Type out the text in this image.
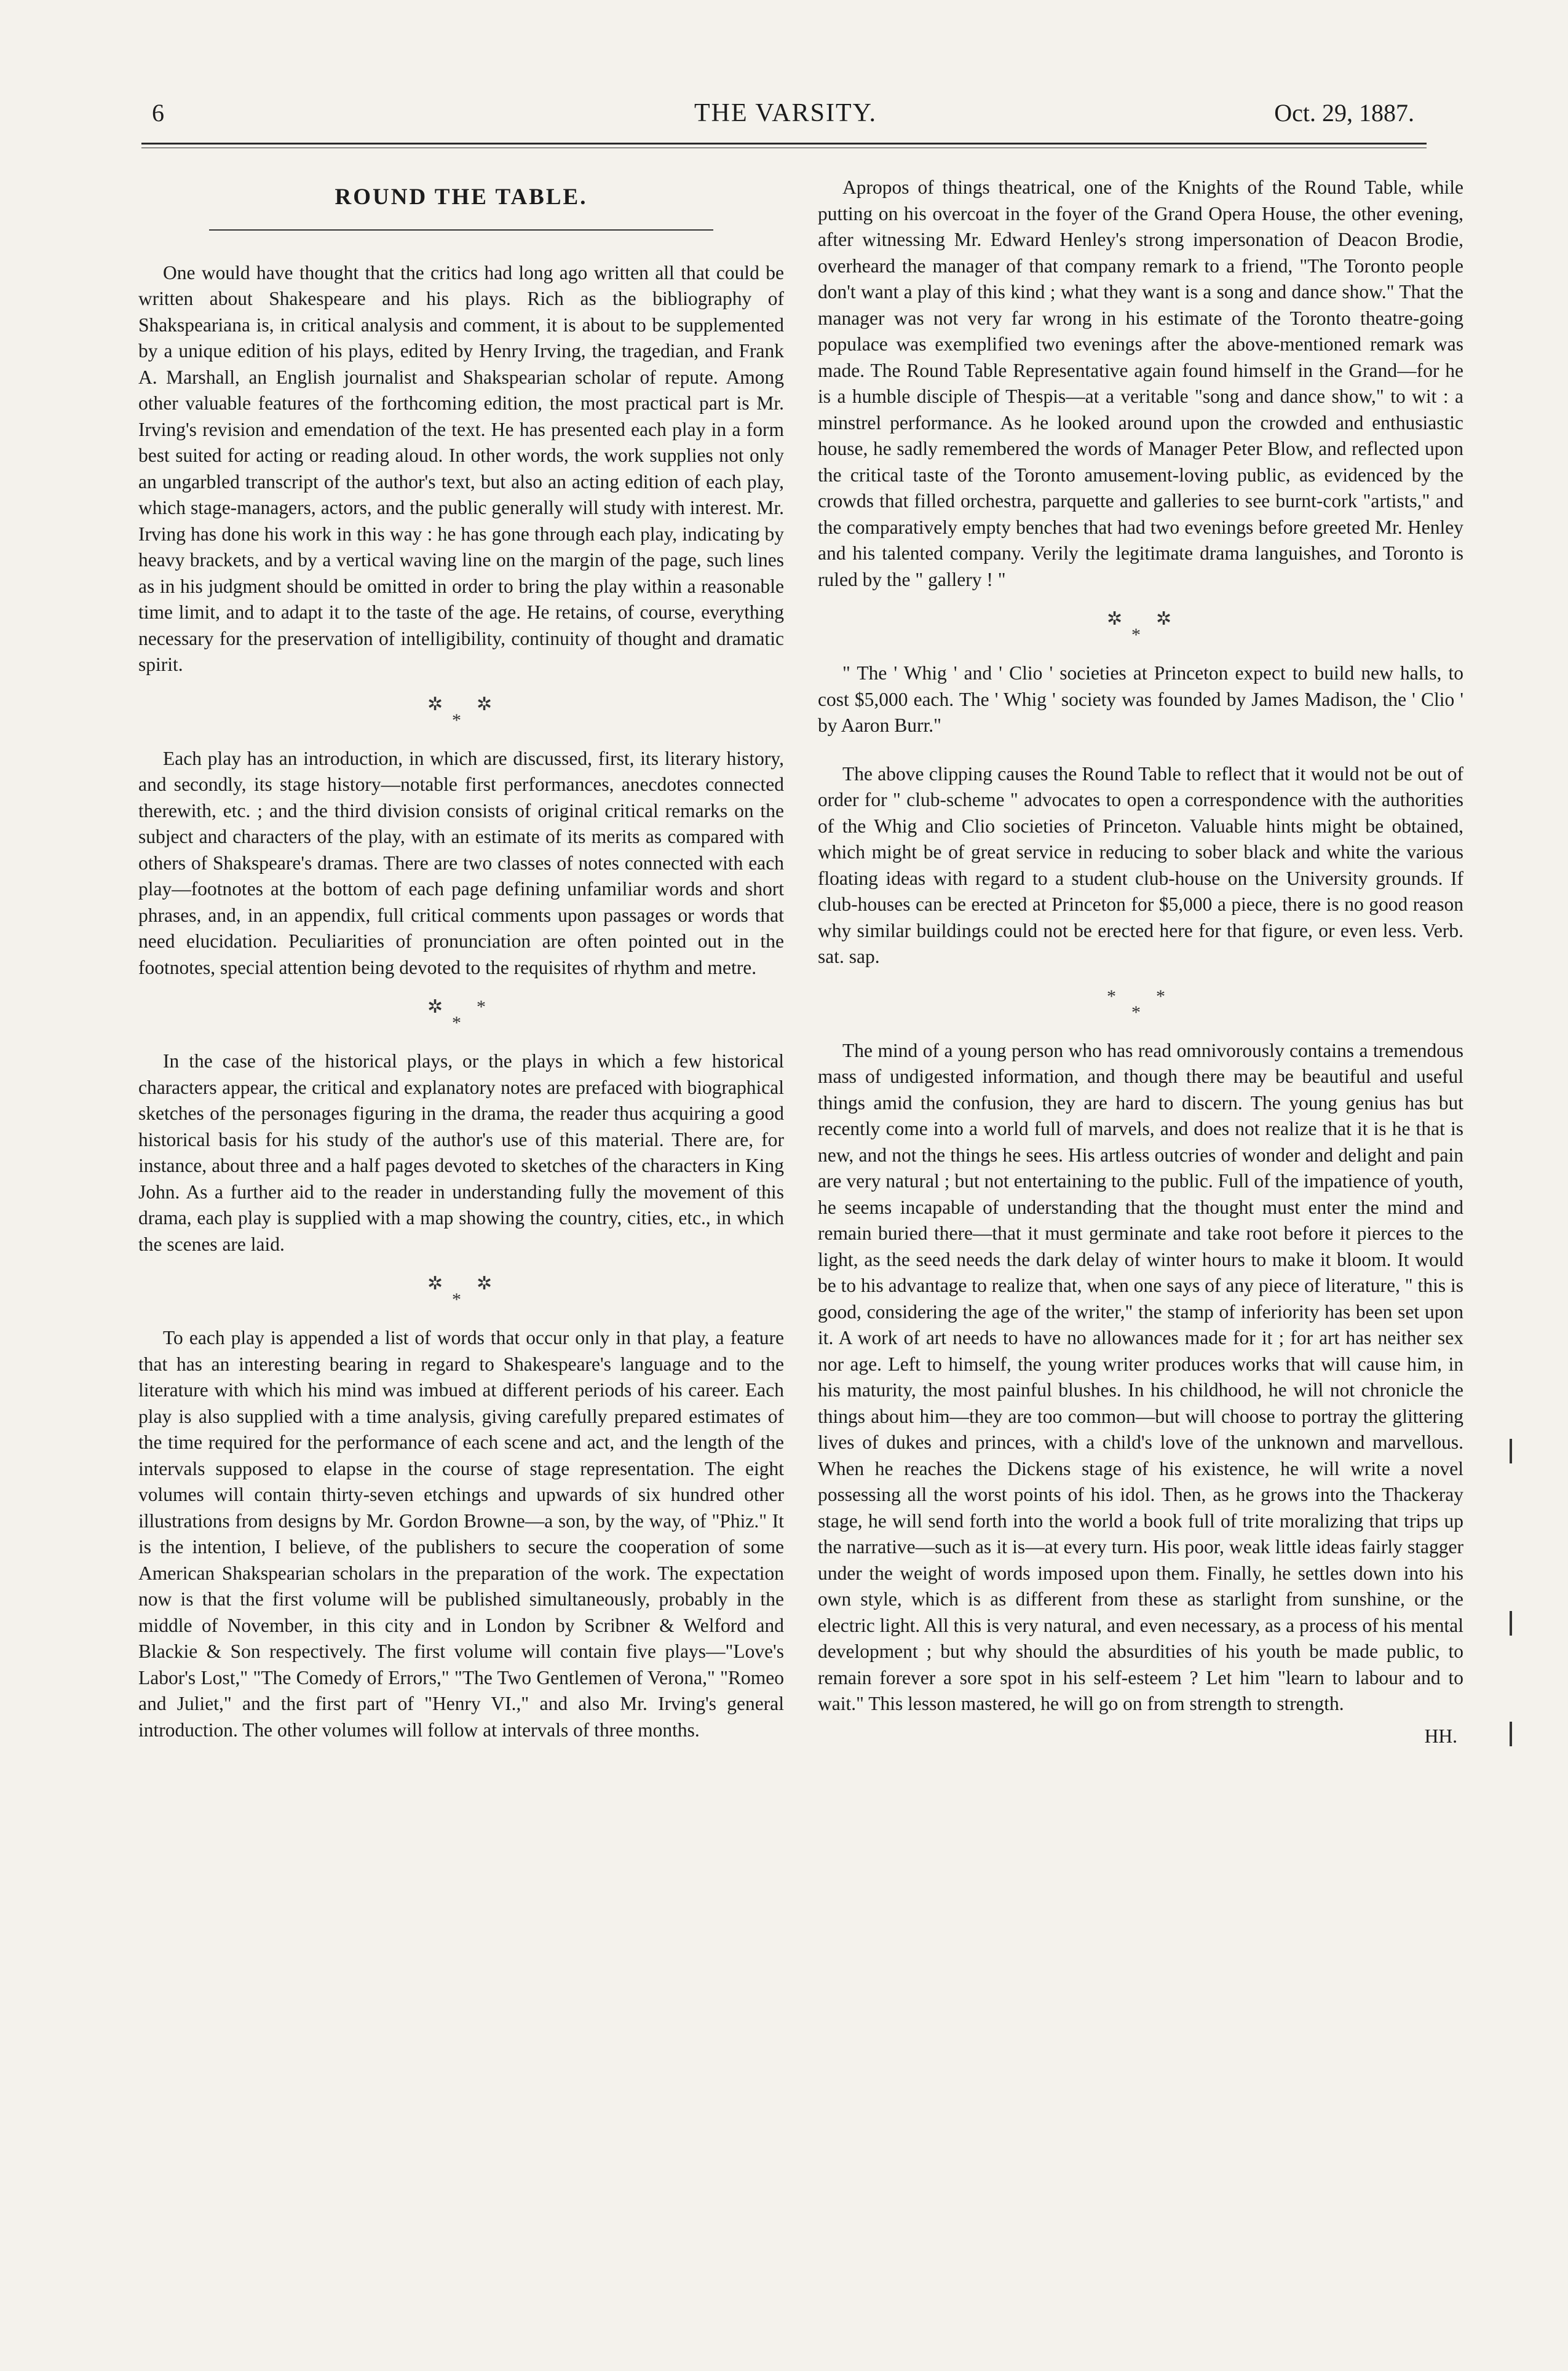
6	THE VARSITY.	Oct. 29, 1887.
ROUND THE TABLE.

One would have thought that the critics had long ago written all that could be written about Shakespeare and his plays. Rich as the bibliography of Shakspeariana is, in critical analysis and comment, it is about to be supplemented by a unique edition of his plays, edited by Henry Irving, the tragedian, and Frank A. Marshall, an English journalist and Shakspearian scholar of repute. Among other valuable features of the forthcoming edition, the most practical part is Mr. Irving's revision and emendation of the text. He has presented each play in a form best suited for acting or reading aloud. In other words, the work supplies not only an ungarbled transcript of the author's text, but also an acting edition of each play, which stage-managers, actors, and the public generally will study with interest. Mr. Irving has done his work in this way : he has gone through each play, indicating by heavy brackets, and by a vertical waving line on the margin of the page, such lines as in his judgment should be omitted in order to bring the play within a reasonable time limit, and to adapt it to the taste of the age. He retains, of course, everything necessary for the preservation of intelligibility, continuity of thought and dramatic spirit.

✲
*
✲

Each play has an introduction, in which are discussed, first, its literary history, and secondly, its stage history—notable first performances, anecdotes connected therewith, etc. ; and the third division consists of original critical remarks on the subject and characters of the play, with an estimate of its merits as compared with others of Shakspeare's dramas. There are two classes of notes connected with each play—footnotes at the bottom of each page defining unfamiliar words and short phrases, and, in an appendix, full critical comments upon passages or words that need elucidation. Peculiarities of pronunciation are often pointed out in the footnotes, special attention being devoted to the requisites of rhythm and metre.

✲
*
*

In the case of the historical plays, or the plays in which a few historical characters appear, the critical and explanatory notes are prefaced with biographical sketches of the personages figuring in the drama, the reader thus acquiring a good historical basis for his study of the author's use of this material. There are, for instance, about three and a half pages devoted to sketches of the characters in King John. As a further aid to the reader in understanding fully the movement of this drama, each play is supplied with a map showing the country, cities, etc., in which the scenes are laid.

✲
*
✲

To each play is appended a list of words that occur only in that play, a feature that has an interesting bearing in regard to Shakespeare's language and to the literature with which his mind was imbued at different periods of his career. Each play is also supplied with a time analysis, giving carefully prepared estimates of the time required for the performance of each scene and act, and the length of the intervals supposed to elapse in the course of stage representation. The eight volumes will contain thirty-seven etchings and upwards of six hundred other illustrations from designs by Mr. Gordon Browne—a son, by the way, of "Phiz." It is the intention, I believe, of the publishers to secure the cooperation of some American Shakspearian scholars in the preparation of the work. The expectation now is that the first volume will be published simultaneously, probably in the middle of November, in this city and in London by Scribner & Welford and Blackie & Son respectively. The first volume will contain five plays—"Love's Labor's Lost," "The Comedy of Errors," "The Two Gentlemen of Verona," "Romeo and Juliet," and the first part of "Henry VI.," and also Mr. Irving's general introduction. The other volumes will follow at intervals of three months.

Apropos of things theatrical, one of the Knights of the Round Table, while putting on his overcoat in the foyer of the Grand Opera House, the other evening, after witnessing Mr. Edward Henley's strong impersonation of Deacon Brodie, overheard the manager of that company remark to a friend, "The Toronto people don't want a play of this kind ; what they want is a song and dance show." That the manager was not very far wrong in his estimate of the Toronto theatre-going populace was exemplified two evenings after the above-mentioned remark was made. The Round Table Representative again found himself in the Grand—for he is a humble disciple of Thespis—at a veritable "song and dance show," to wit : a minstrel performance. As he looked around upon the crowded and enthusiastic house, he sadly remembered the words of Manager Peter Blow, and reflected upon the critical taste of the Toronto amusement-loving public, as evidenced by the crowds that filled orchestra, parquette and galleries to see burnt-cork "artists," and the comparatively empty benches that had two evenings before greeted Mr. Henley and his talented company. Verily the legitimate drama languishes, and Toronto is ruled by the " gallery ! "

✲
*
✲

" The ' Whig ' and ' Clio ' societies at Princeton expect to build new halls, to cost $5,000 each. The ' Whig ' society was founded by James Madison, the ' Clio ' by Aaron Burr."

The above clipping causes the Round Table to reflect that it would not be out of order for " club-scheme " advocates to open a correspondence with the authorities of the Whig and Clio societies of Princeton. Valuable hints might be obtained, which might be of great service in reducing to sober black and white the various floating ideas with regard to a student club-house on the University grounds. If club-houses can be erected at Princeton for $5,000 a piece, there is no good reason why similar buildings could not be erected here for that figure, or even less. Verb. sat. sap.

*
*
*

The mind of a young person who has read omnivorously contains a tremendous mass of undigested information, and though there may be beautiful and useful things amid the confusion, they are hard to discern. The young genius has but recently come into a world full of marvels, and does not realize that it is he that is new, and not the things he sees. His artless outcries of wonder and delight and pain are very natural ; but not entertaining to the public. Full of the impatience of youth, he seems incapable of understanding that the thought must enter the mind and remain buried there—that it must germinate and take root before it pierces to the light, as the seed needs the dark delay of winter hours to make it bloom. It would be to his advantage to realize that, when one says of any piece of literature, " this is good, considering the age of the writer," the stamp of inferiority has been set upon it. A work of art needs to have no allowances made for it ; for art has neither sex nor age. Left to himself, the young writer produces works that will cause him, in his maturity, the most painful blushes. In his childhood, he will not chronicle the things about him—they are too common—but will choose to portray the glittering lives of dukes and princes, with a child's love of the unknown and marvellous. When he reaches the Dickens stage of his existence, he will write a novel possessing all the worst points of his idol. Then, as he grows into the Thackeray stage, he will send forth into the world a book full of trite moralizing that trips up the narrative—such as it is—at every turn. His poor, weak little ideas fairly stagger under the weight of words imposed upon them. Finally, he settles down into his own style, which is as different from these as starlight from sunshine, or the electric light. All this is very natural, and even necessary, as a process of his mental development ; but why should the absurdities of his youth be made public, to remain forever a sore spot in his self-esteem ? Let him "learn to labour and to wait." This lesson mastered, he will go on from strength to strength.

HH.
